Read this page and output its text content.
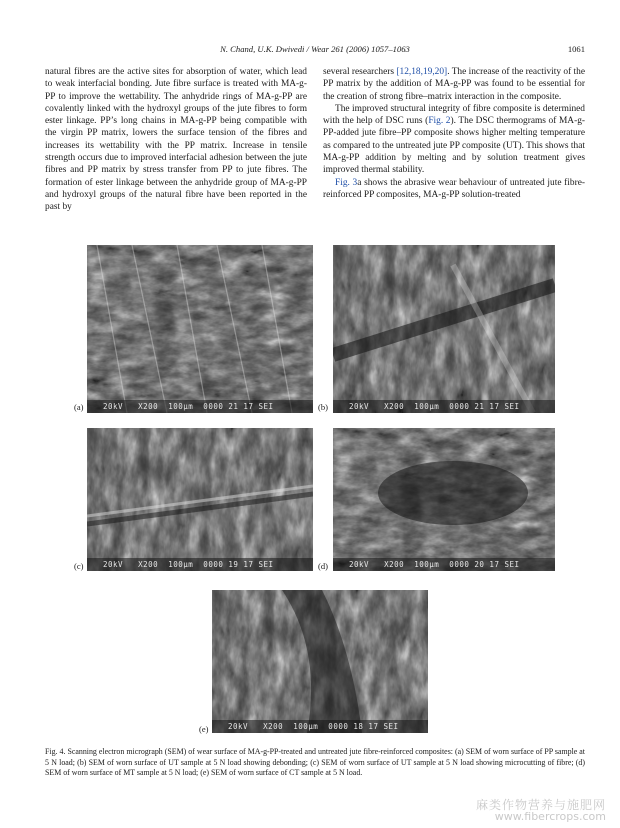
N. Chand, U.K. Dwivedi / Wear 261 (2006) 1057–1063	1061

natural fibres are the active sites for absorption of water, which lead to weak interfacial bonding. Jute fibre surface is treated with MA-g-PP to improve the wettability. The anhydride rings of MA-g-PP are covalently linked with the hydroxyl groups of the jute fibres to form ester linkage. PP’s long chains in MA-g-PP being compatible with the virgin PP matrix, lowers the surface tension of the fibres and increases its wettability with the PP matrix. Increase in tensile strength occurs due to improved interfacial adhesion between the jute fibres and PP matrix by stress transfer from PP to jute fibres. The formation of ester linkage between the anhydride group of MA-g-PP and hydroxyl groups of the natural fibre have been reported in the past by

several researchers [12,18,19,20]. The increase of the reactivity of the PP matrix by the addition of MA-g-PP was found to be essential for the creation of strong fibre–matrix interaction in the composite.

The improved structural integrity of fibre composite is determined with the help of DSC runs (Fig. 2). The DSC thermograms of MA-g-PP-added jute fibre–PP composite shows higher melting temperature as compared to the untreated jute PP composite (UT). This shows that MA-g-PP addition by melting and by solution treatment gives improved thermal stability.

Fig. 3a shows the abrasive wear behaviour of untreated jute fibre-reinforced PP composites, MA-g-PP solution-treated

20kV   X200  100μm  0000 21 17 SEI
(a)	20kV   X200  100μm  0000 21 17 SEI
(b)
20kV   X200  100μm  0000 19 17 SEI
(c)	20kV   X200  100μm  0000 20 17 SEI
(d)
20kV   X200  100μm  0000 18 17 SEI
(e)
Fig. 4. Scanning electron micrograph (SEM) of wear surface of MA-g-PP-treated and untreated jute fibre-reinforced composites: (a) SEM of worn surface of PP sample at 5 N load; (b) SEM of worn surface of UT sample at 5 N load showing debonding; (c) SEM of worn surface of UT sample at 5 N load showing microcutting of fibre; (d) SEM of worn surface of MT sample at 5 N load; (e) SEM of worn surface of CT sample at 5 N load.
麻类作物营养与施肥网
www.fibercrops.com
